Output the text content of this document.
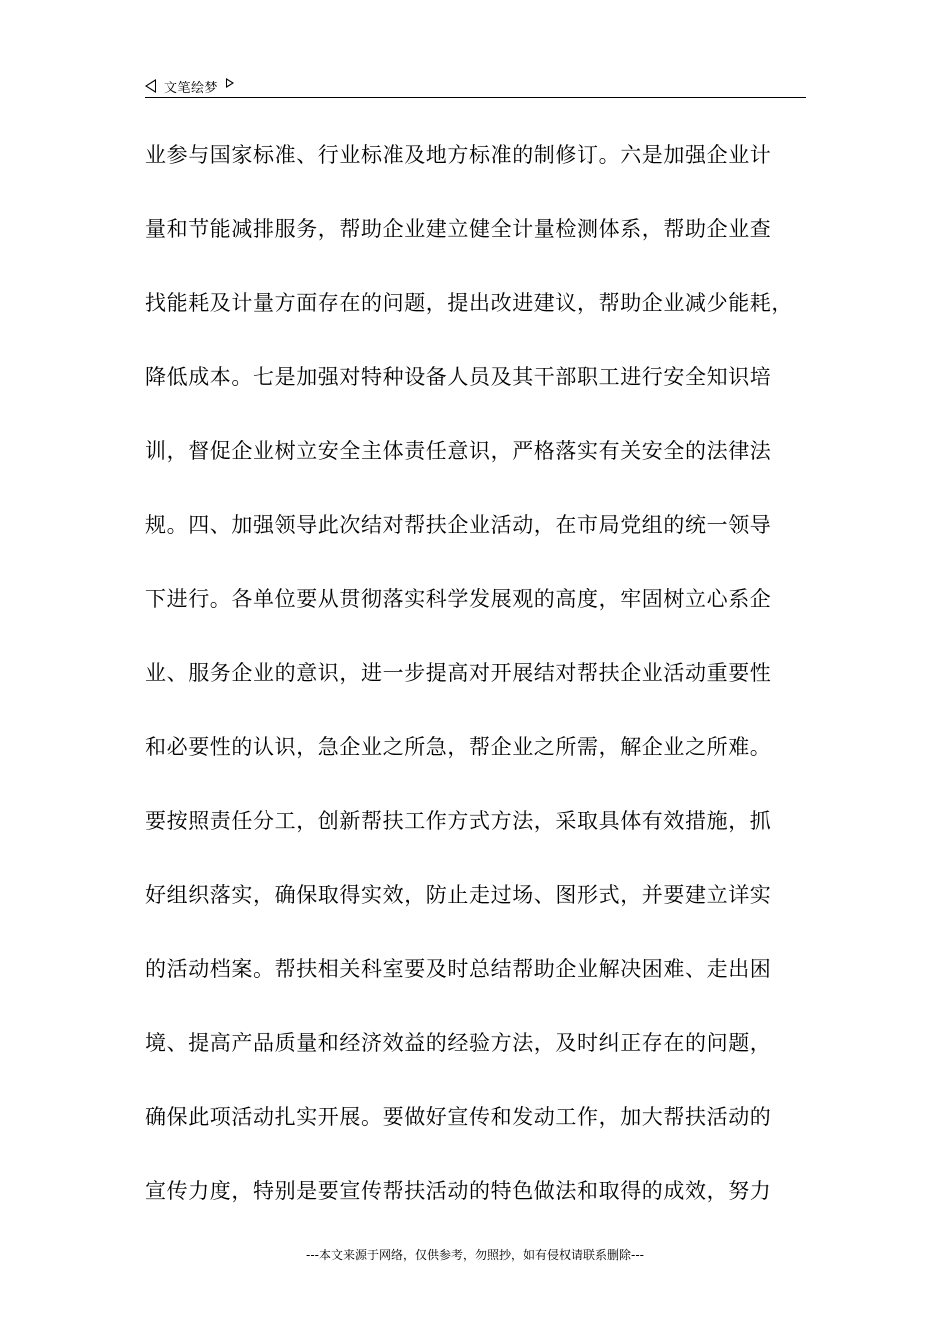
文笔绘梦
业参与国家标准、行业标准及地方标准的制修订。六是加强企业计
量和节能减排服务，帮助企业建立健全计量检测体系，帮助企业查
找能耗及计量方面存在的问题，提出改进建议，帮助企业减少能耗，
降低成本。七是加强对特种设备人员及其干部职工进行安全知识培
训，督促企业树立安全主体责任意识，严格落实有关安全的法律法
规。四、加强领导此次结对帮扶企业活动，在市局党组的统一领导
下进行。各单位要从贯彻落实科学发展观的高度，牢固树立心系企
业、服务企业的意识，进一步提高对开展结对帮扶企业活动重要性
和必要性的认识，急企业之所急，帮企业之所需，解企业之所难。
要按照责任分工，创新帮扶工作方式方法，采取具体有效措施，抓
好组织落实，确保取得实效，防止走过场、图形式，并要建立详实
的活动档案。帮扶相关科室要及时总结帮助企业解决困难、走出困
境、提高产品质量和经济效益的经验方法，及时纠正存在的问题，
确保此项活动扎实开展。要做好宣传和发动工作，加大帮扶活动的
宣传力度，特别是要宣传帮扶活动的特色做法和取得的成效，努力
---本文来源于网络，仅供参考，勿照抄，如有侵权请联系删除---
